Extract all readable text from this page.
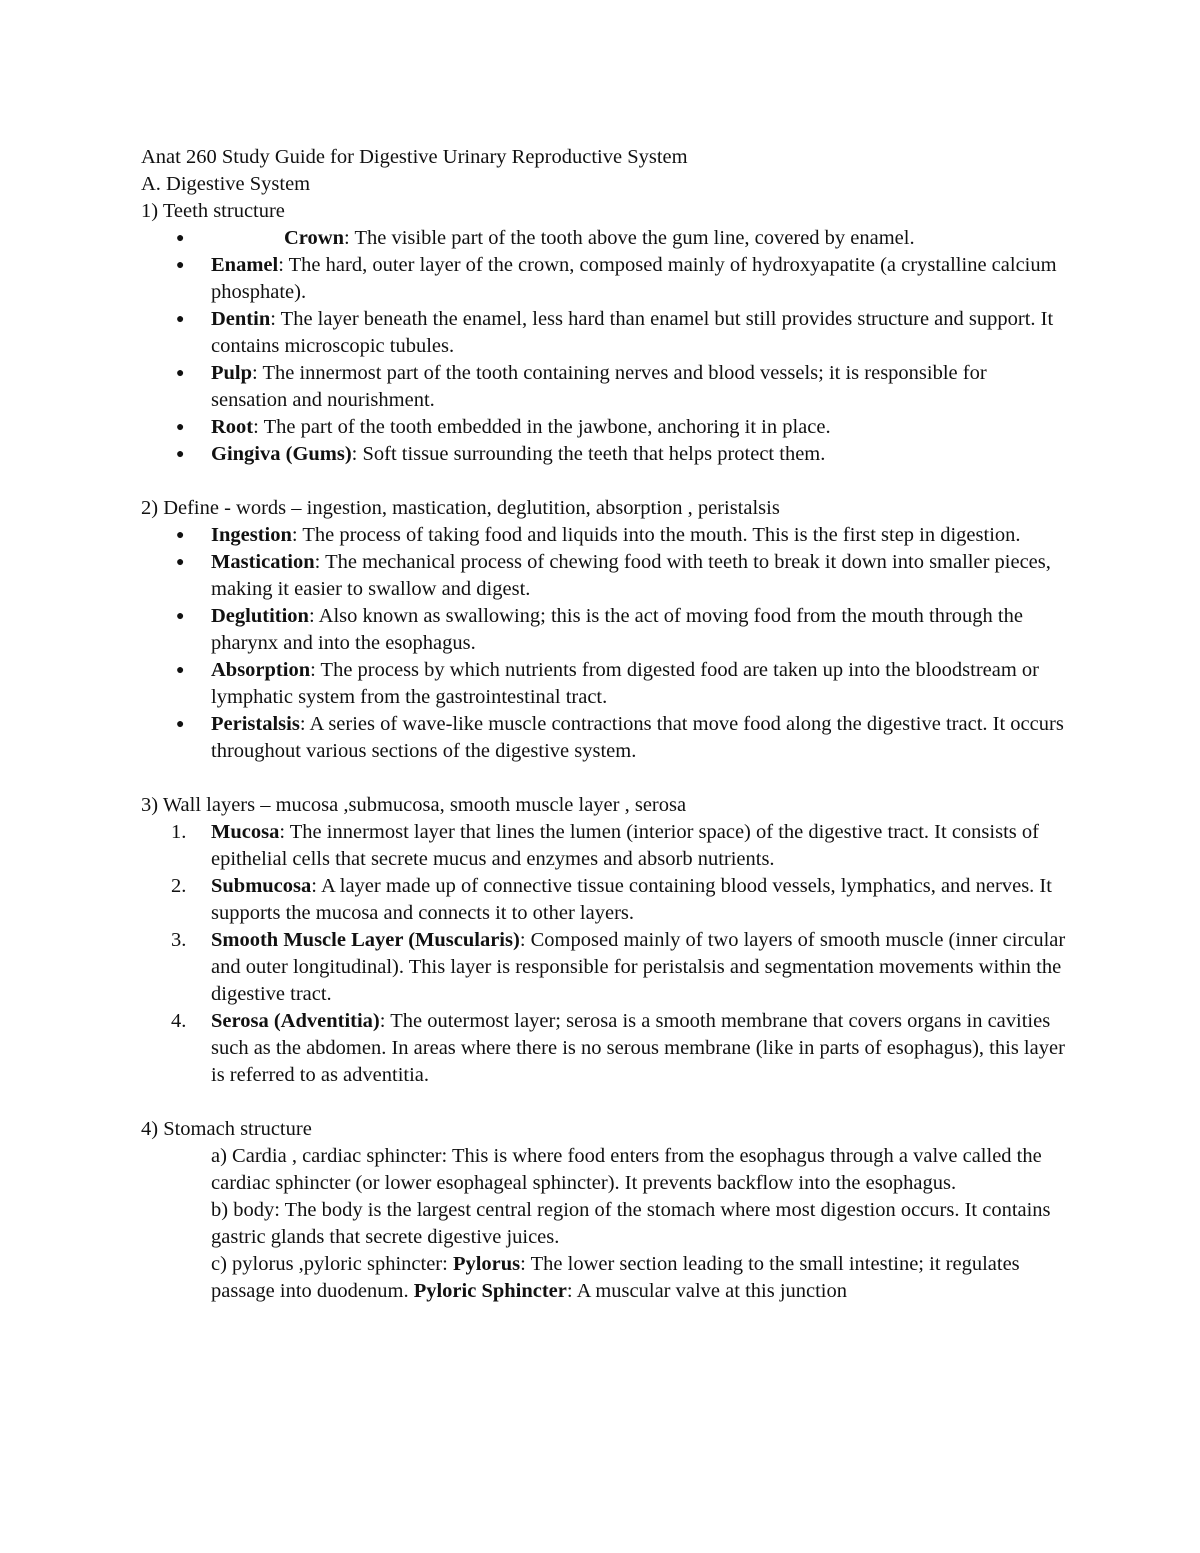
Anat 260 Study Guide for Digestive Urinary Reproductive System

A. Digestive System

1) Teeth structure

●	Crown: The visible part of the tooth above the gum line, covered by enamel.
● Enamel: The hard, outer layer of the crown, composed mainly of hydroxyapatite (a crystalline calcium phosphate).
● Dentin: The layer beneath the enamel, less hard than enamel but still provides structure and support. It contains microscopic tubules.
● Pulp: The innermost part of the tooth containing nerves and blood vessels; it is responsible for sensation and nourishment.
● Root: The part of the tooth embedded in the jawbone, anchoring it in place.
● Gingiva (Gums): Soft tissue surrounding the teeth that helps protect them.

2) Define - words – ingestion, mastication, deglutition, absorption , peristalsis

● Ingestion: The process of taking food and liquids into the mouth. This is the first step in digestion.
● Mastication: The mechanical process of chewing food with teeth to break it down into smaller pieces, making it easier to swallow and digest.
● Deglutition: Also known as swallowing; this is the act of moving food from the mouth through the pharynx and into the esophagus.
● Absorption: The process by which nutrients from digested food are taken up into the bloodstream or lymphatic system from the gastrointestinal tract.
● Peristalsis: A series of wave-like muscle contractions that move food along the digestive tract. It occurs throughout various sections of the digestive system.

3) Wall layers – mucosa ,submucosa, smooth muscle layer , serosa

1. Mucosa: The innermost layer that lines the lumen (interior space) of the digestive tract. It consists of epithelial cells that secrete mucus and enzymes and absorb nutrients.
2. Submucosa: A layer made up of connective tissue containing blood vessels, lymphatics, and nerves. It supports the mucosa and connects it to other layers.
3. Smooth Muscle Layer (Muscularis): Composed mainly of two layers of smooth muscle (inner circular and outer longitudinal). This layer is responsible for peristalsis and segmentation movements within the digestive tract.
4. Serosa (Adventitia): The outermost layer; serosa is a smooth membrane that covers organs in cavities such as the abdomen. In areas where there is no serous membrane (like in parts of esophagus), this layer is referred to as adventitia.

4) Stomach structure

a) Cardia , cardiac sphincter: This is where food enters from the esophagus through a valve called the cardiac sphincter (or lower esophageal sphincter). It prevents backflow into the esophagus.
b) body: The body is the largest central region of the stomach where most digestion occurs. It contains gastric glands that secrete digestive juices.
c) pylorus ,pyloric sphincter: Pylorus: The lower section leading to the small intestine; it regulates passage into duodenum. Pyloric Sphincter: A muscular valve at this junction
